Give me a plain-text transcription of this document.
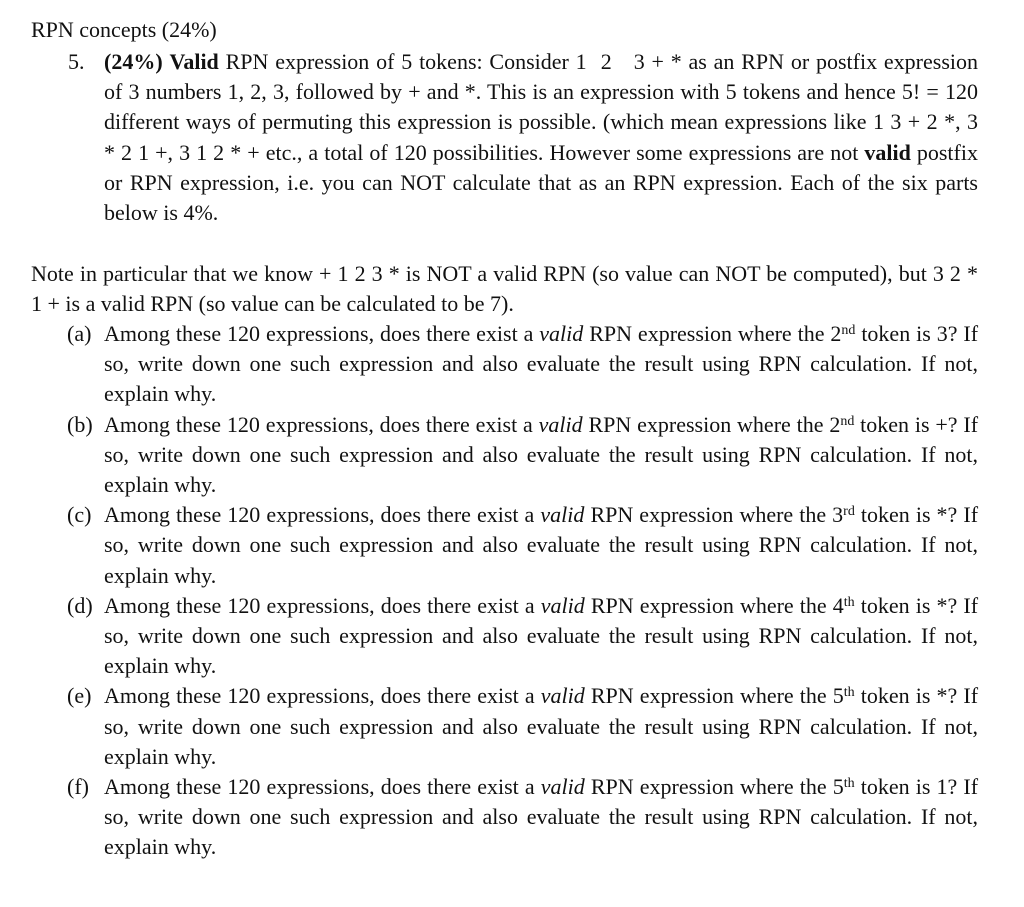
RPN concepts (24%)
5. (24%) Valid RPN expression of 5 tokens: Consider 1 2 3 + * as an RPN or postfix expression of 3 numbers 1, 2, 3, followed by + and *. This is an expression with 5 tokens and hence 5! = 120 different ways of permuting this expression is possible. (which mean expressions like 1 3 + 2 *, 3 * 2 1 +, 3 1 2 * + etc., a total of 120 possibilities. However some expressions are not valid postfix or RPN expression, i.e. you can NOT calculate that as an RPN expression. Each of the six parts below is 4%.
Note in particular that we know + 1 2 3 * is NOT a valid RPN (so value can NOT be computed), but 3 2 * 1 + is a valid RPN (so value can be calculated to be 7).
(a) Among these 120 expressions, does there exist a valid RPN expression where the 2nd token is 3? If so, write down one such expression and also evaluate the result using RPN calculation. If not, explain why.
(b) Among these 120 expressions, does there exist a valid RPN expression where the 2nd token is +? If so, write down one such expression and also evaluate the result using RPN calculation. If not, explain why.
(c) Among these 120 expressions, does there exist a valid RPN expression where the 3rd token is *? If so, write down one such expression and also evaluate the result using RPN calculation. If not, explain why.
(d) Among these 120 expressions, does there exist a valid RPN expression where the 4th token is *? If so, write down one such expression and also evaluate the result using RPN calculation. If not, explain why.
(e) Among these 120 expressions, does there exist a valid RPN expression where the 5th token is *? If so, write down one such expression and also evaluate the result using RPN calculation. If not, explain why.
(f) Among these 120 expressions, does there exist a valid RPN expression where the 5th token is 1? If so, write down one such expression and also evaluate the result using RPN calculation. If not, explain why.
